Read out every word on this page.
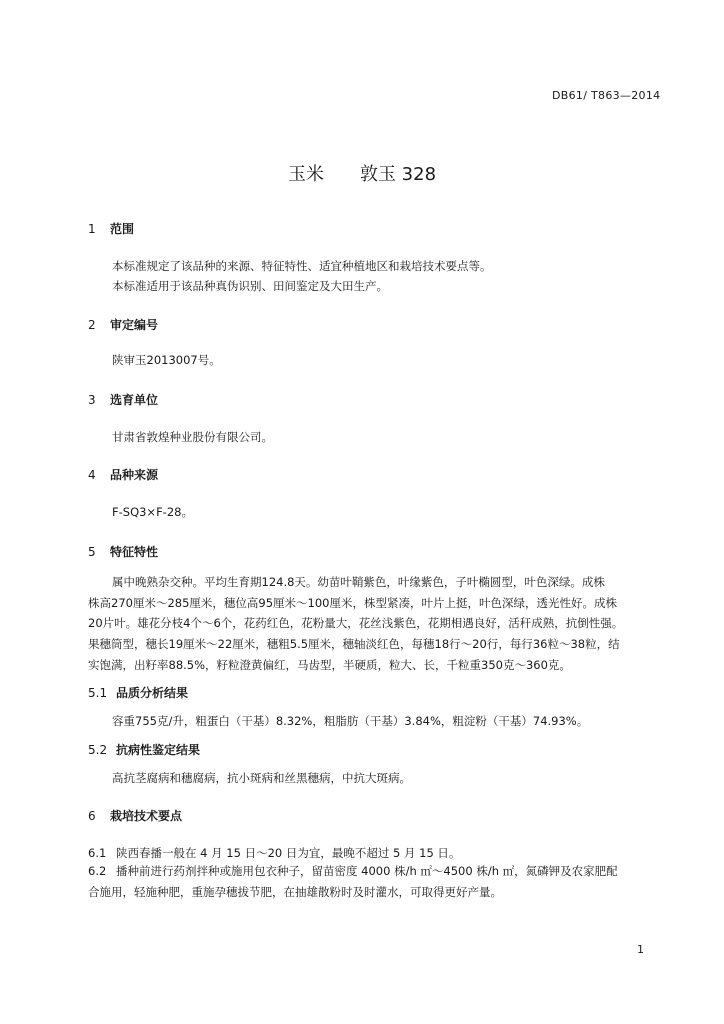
DB61/ T863—2014
玉米 敦玉 328
1 范围
本标准规定了该品种的来源、特征特性、适宜种植地区和栽培技术要点等。
本标准适用于该品种真伪识别、田间鉴定及大田生产。
2 审定编号
陕审玉2013007号。
3 选育单位
甘肃省敦煌种业股份有限公司。
4 品种来源
F-SQ3×F-28。
5 特征特性

属中晚熟杂交种。平均生育期124.8天。幼苗叶鞘紫色，叶缘紫色，子叶椭圆型，叶色深绿。成株

株高270厘米～285厘米，穗位高95厘米～100厘米，株型紧凑，叶片上挺，叶色深绿，透光性好。成株

20片叶。雄花分枝4个～6个，花药红色，花粉量大，花丝浅紫色，花期相遇良好，活秆成熟，抗倒性强。

果穗筒型，穗长19厘米～22厘米，穗粗5.5厘米，穗轴淡红色，每穗18行～20行，每行36粒～38粒，结

实饱满，出籽率88.5%，籽粒澄黄偏红，马齿型，半硬质，粒大、长，千粒重350克～360克。

5.1 品质分析结果
容重755克/升，粗蛋白（干基）8.32%，粗脂肪（干基）3.84%，粗淀粉（干基）74.93%。
5.2 抗病性鉴定结果
高抗茎腐病和穗腐病，抗小斑病和丝黑穗病，中抗大斑病。
6 栽培技术要点
6.1 陕西春播一般在 4 月 15 日～20 日为宜，最晚不超过 5 月 15 日。

6.2 播种前进行药剂拌种或施用包衣种子，留苗密度 4000 株/h ㎡～4500 株/h ㎡，氮磷钾及农家肥配

合施用，轻施种肥，重施孕穗拔节肥，在抽雄散粉时及时灌水，可取得更好产量。

1
